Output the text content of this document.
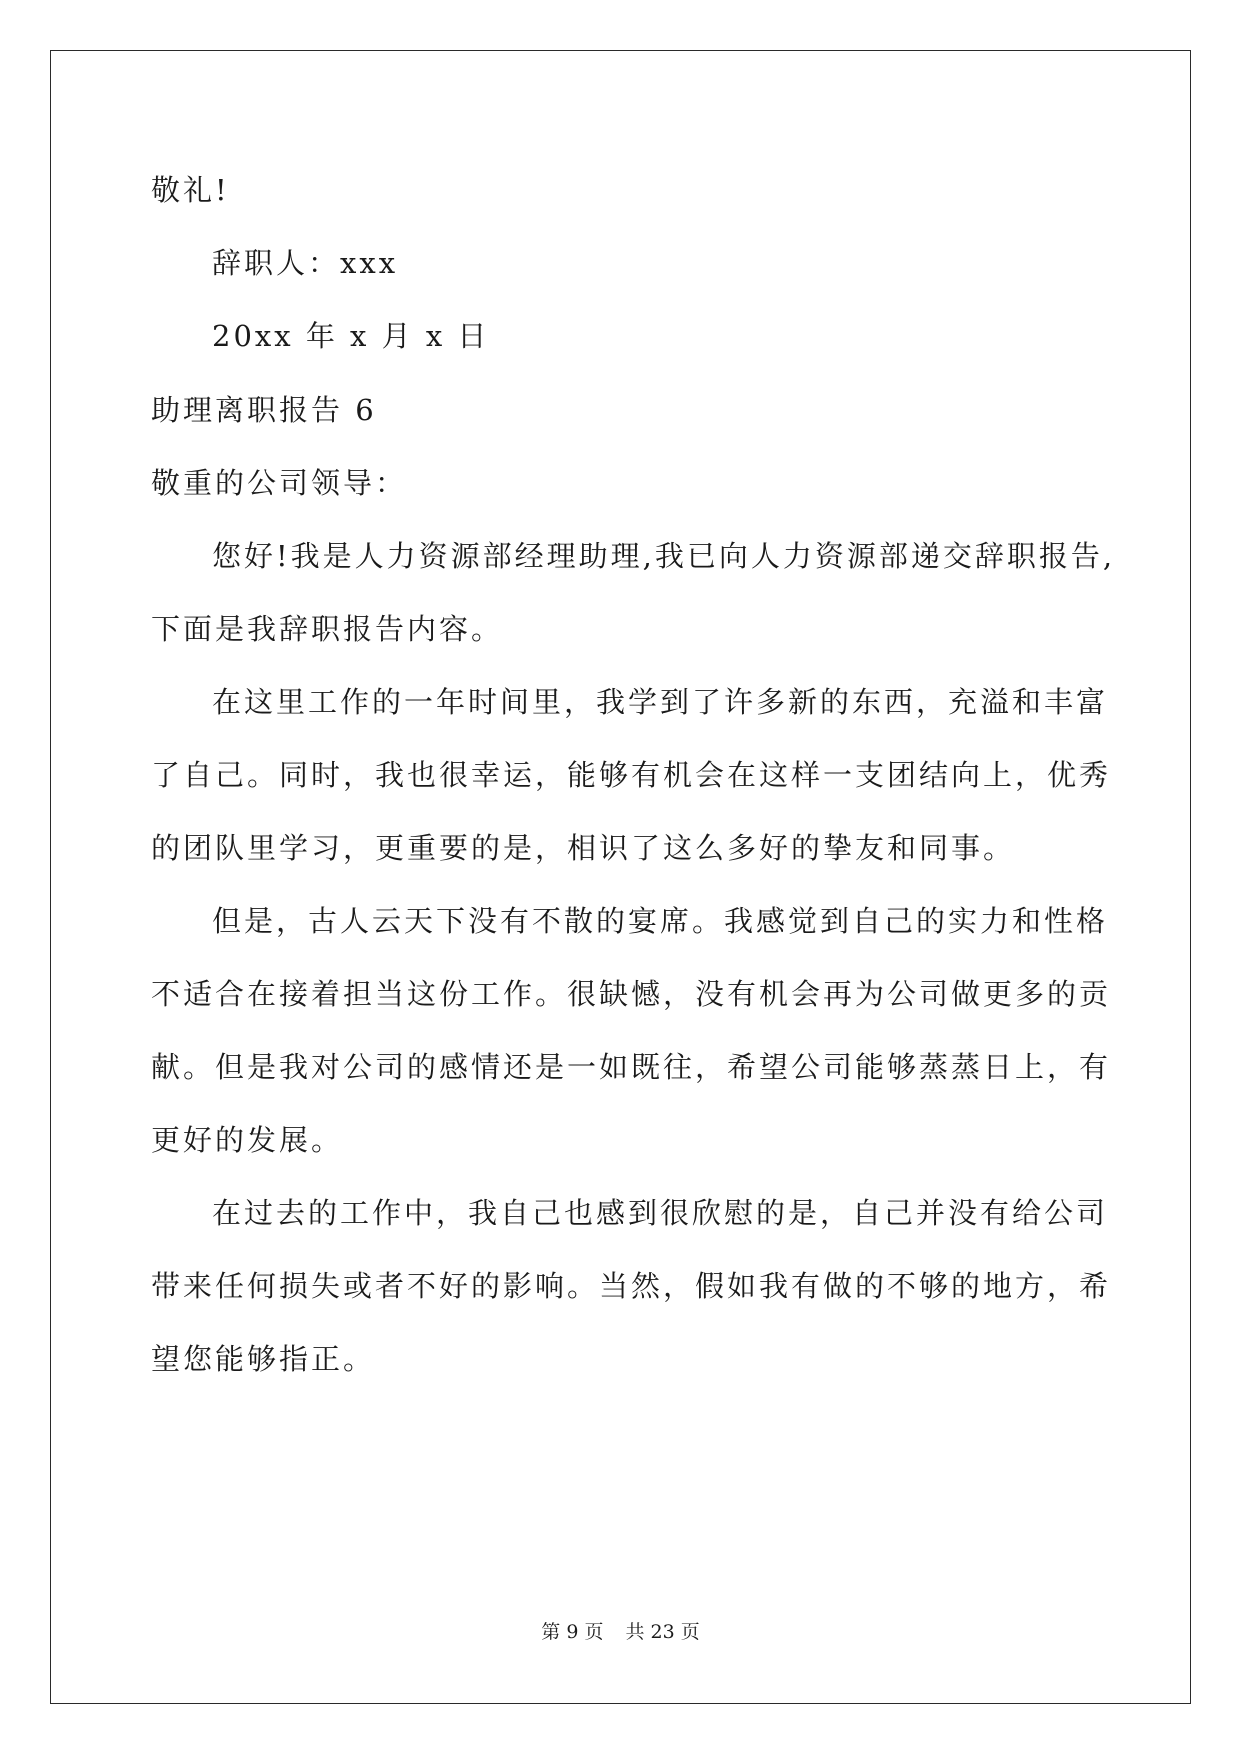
敬礼!
辞职人：xxx
20xx 年 x 月 x 日
助理离职报告 6
敬重的公司领导：
您好!我是人力资源部经理助理,我已向人力资源部递交辞职报告,
下面是我辞职报告内容。
在这里工作的一年时间里，我学到了许多新的东西，充溢和丰富
了自己。同时，我也很幸运，能够有机会在这样一支团结向上，优秀
的团队里学习，更重要的是，相识了这么多好的挚友和同事。
但是，古人云天下没有不散的宴席。我感觉到自己的实力和性格
不适合在接着担当这份工作。很缺憾，没有机会再为公司做更多的贡
献。但是我对公司的感情还是一如既往，希望公司能够蒸蒸日上，有
更好的发展。
在过去的工作中，我自己也感到很欣慰的是，自己并没有给公司
带来任何损失或者不好的影响。当然，假如我有做的不够的地方，希
望您能够指正。
第 9 页 共 23 页
